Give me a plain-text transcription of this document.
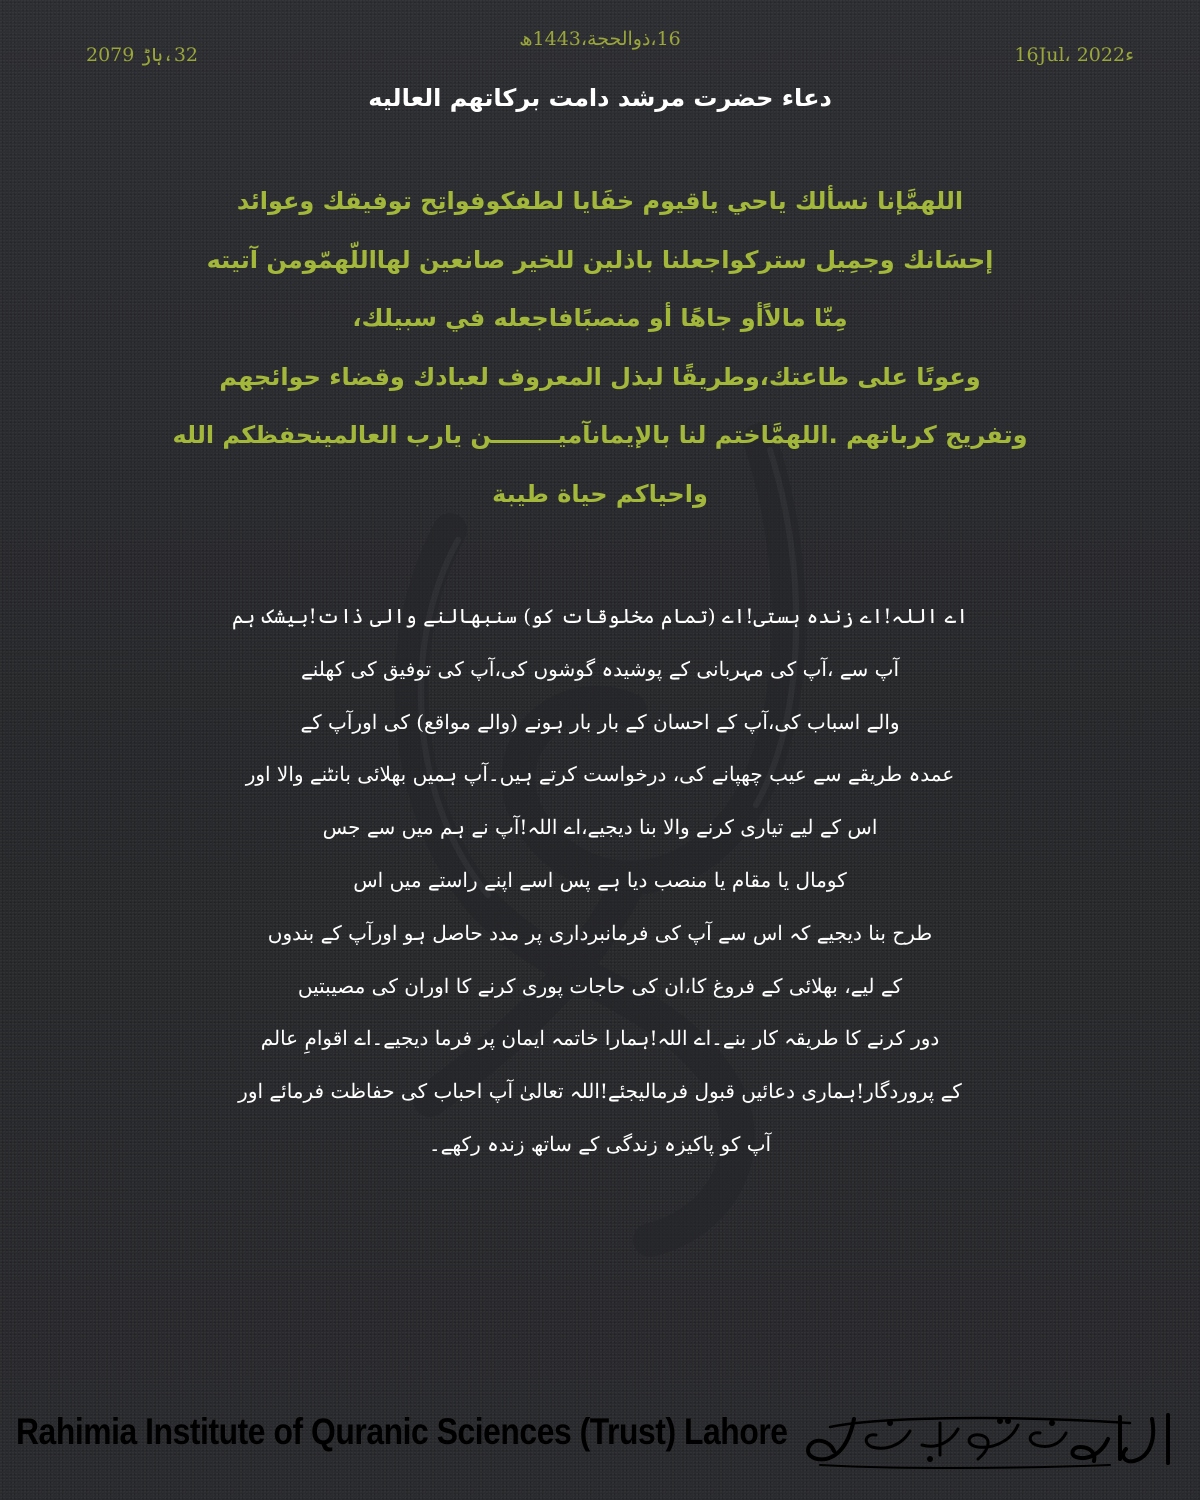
32،ہاڑ 2079
16،ذوالحجة،1443ھ
16Jul، 2022ء
دعاء حضرت مرشد دامت برکاتھم العالیه
اللهمَّإنا نسألك ياحي ياقيوم خفَايا لطفكوفواتِح توفيقك وعوائد
إحسَانك وجمِيل ستركواجعلنا باذلين للخير صانعين لهااللّهمّومن آتيته
مِنّا مالاًأو جاهًا أو منصبًافاجعله في سبيلك،
وعونًا على طاعتك،وطريقًا لبذل المعروف لعبادك وقضاء حوائجهم
وتفريج كرباتهم .اللهمَّاختم لنا بالإيمانآميــــــــن يارب العالمينحفظكم الله
واحياكم حياة طيبة
اے اللہ!اے زندہ ہستی!اے (تمام مخلوقات کو) سنبھالنے والی ذات!بیشک ہم
آپ سے ،آپ کی مہربانی کے پوشیدہ گوشوں کی،آپ کی توفیق کی کھلنے
والے اسباب کی،آپ کے احسان کے بار بار ہونے (والے مواقع) کی اورآپ کے
عمدہ طریقے سے عیب چھپانے کی، درخواست کرتے ہیں۔آپ ہمیں بھلائی بانٹنے والا اور
اس کے لیے تیاری کرنے والا بنا دیجیے،اے اللہ!آپ نے ہم میں سے جس
کومال یا مقام یا منصب دیا ہے پس اسے اپنے راستے میں اس
طرح بنا دیجیے کہ اس سے آپ کی فرمانبرداری پر مدد حاصل ہو اورآپ کے بندوں
کے لیے، بھلائی کے فروغ کا،ان کی حاجات پوری کرنے کا اوران کی مصیبتیں
دور کرنے کا طریقہ کار بنے۔اے اللہ!ہمارا خاتمہ ایمان پر فرما دیجیے۔اے اقوامِ عالم
کے پروردگار!ہماری دعائیں قبول فرمالیجئے!اللہ تعالیٰ آپ احباب کی حفاظت فرمائے اور
آپ کو پاکیزہ زندگی کے ساتھ زندہ رکھے۔
Rahimia Institute of Quranic Sciences (Trust) Lahore
